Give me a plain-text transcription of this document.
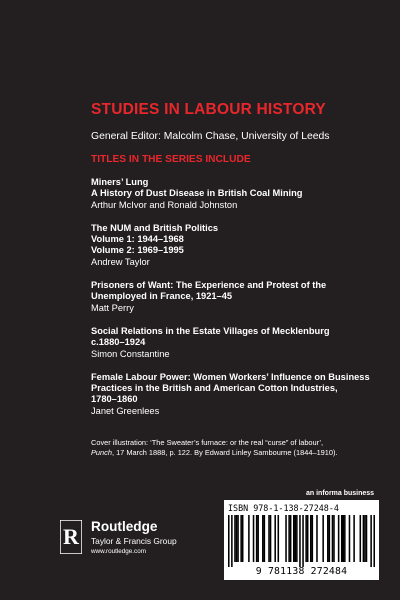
STUDIES IN LABOUR HISTORY
General Editor: Malcolm Chase, University of Leeds
TITLES IN THE SERIES INCLUDE
Miners’ Lung
A History of Dust Disease in British Coal Mining
Arthur McIvor and Ronald Johnston
The NUM and British Politics
Volume 1: 1944–1968
Volume 2: 1969–1995
Andrew Taylor
Prisoners of Want: The Experience and Protest of the
Unemployed in France, 1921–45
Matt Perry
Social Relations in the Estate Villages of Mecklenburg
c.1880–1924
Simon Constantine
Female Labour Power: Women Workers’ Influence on Business
Practices in the British and American Cotton Industries,
1780–1860
Janet Greenlees
Cover illustration: ‘The Sweater’s furnace: or the real “curse” of labour’,
Punch, 17 March 1888, p. 122. By Edward Linley Sambourne (1844–1910).
an informa business
ISBN 978-1-138-27248-4
9 781138 272484
R Routledge
Taylor & Francis Group
www.routledge.com
